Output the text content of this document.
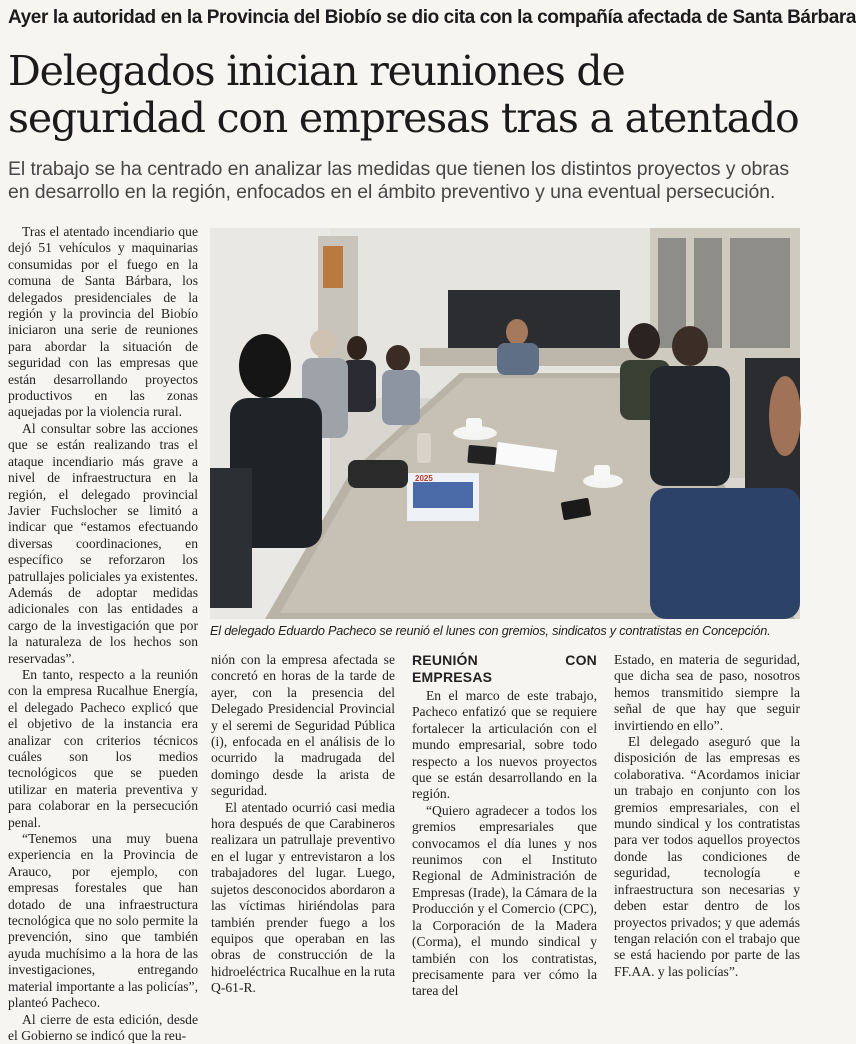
Ayer la autoridad en la Provincia del Biobío se dio cita con la compañía afectada de Santa Bárbara
Delegados inician reuniones de
seguridad con empresas tras a atentado
El trabajo se ha centrado en analizar las medidas que tienen los distintos proyectos y obras
en desarrollo en la región, enfocados en el ámbito preventivo y una eventual persecución.

Tras el atentado incendiario que dejó 51 vehículos y maquinarias consumidas por el fuego en la comuna de Santa Bárbara, los delegados presidenciales de la región y la provincia del Biobío iniciaron una serie de reuniones para abordar la situación de seguridad con las empresas que están desarrollando proyectos productivos en las zonas aquejadas por la violencia rural.

Al consultar sobre las acciones que se están realizando tras el ataque incendiario más grave a nivel de infraestructura en la región, el delegado provincial Javier Fuchslocher se limitó a indicar que “estamos efectuando diversas coordinaciones, en específico se reforzaron los patrullajes policiales ya existentes. Además de adoptar medidas adicionales con las entidades a cargo de la investigación que por la naturaleza de los hechos son reservadas”.

En tanto, respecto a la reunión con la empresa Rucalhue Energía, el delegado Pacheco explicó que el objetivo de la instancia era analizar con criterios técnicos cuáles son los medios tecnológicos que se pueden utilizar en materia preventiva y para colaborar en la persecución penal.

“Tenemos una muy buena experiencia en la Provincia de Arauco, por ejemplo, con empresas forestales que han dotado de una infraestructura tecnológica que no solo permite la prevención, sino que también ayuda muchísimo a la hora de las investigaciones, entregando material importante a las policías”, planteó Pacheco.

Al cierre de esta edición, desde el Gobierno se indicó que la reu-

2025
El delegado Eduardo Pacheco se reunió el lunes con gremios, sindicatos y contratistas en Concepción.

nión con la empresa afectada se concretó en horas de la tarde de ayer, con la presencia del Delegado Presidencial Provincial y el seremi de Seguridad Pública (i), enfocada en el análisis de lo ocurrido la madrugada del domingo desde la arista de seguridad.

El atentado ocurrió casi media hora después de que Carabineros realizara un patrullaje preventivo en el lugar y entrevistaron a los trabajadores del lugar. Luego, sujetos desconocidos abordaron a las víctimas hiriéndolas para también prender fuego a los equipos que operaban en las obras de construcción de la hidroeléctrica Rucalhue en la ruta Q-61-R.

REUNIÓN CON EMPRESAS

En el marco de este trabajo, Pacheco enfatizó que se requiere fortalecer la articulación con el mundo empresarial, sobre todo respecto a los nuevos proyectos que se están desarrollando en la región.

“Quiero agradecer a todos los gremios empresariales que convocamos el día lunes y nos reunimos con el Instituto Regional de Administración de Empresas (Irade), la Cámara de la Producción y el Comercio (CPC), la Corporación de la Madera (Corma), el mundo sindical y también con los contratistas, precisamente para ver cómo la tarea del

Estado, en materia de seguridad, que dicha sea de paso, nosotros hemos transmitido siempre la señal de que hay que seguir invirtiendo en ello”.

El delegado aseguró que la disposición de las empresas es colaborativa. “Acordamos iniciar un trabajo en conjunto con los gremios empresariales, con el mundo sindical y los contratistas para ver todos aquellos proyectos donde las condiciones de seguridad, tecnología e infraestructura son necesarias y deben estar dentro de los proyectos privados; y que además tengan relación con el trabajo que se está haciendo por parte de las FF.AA. y las policías”.
